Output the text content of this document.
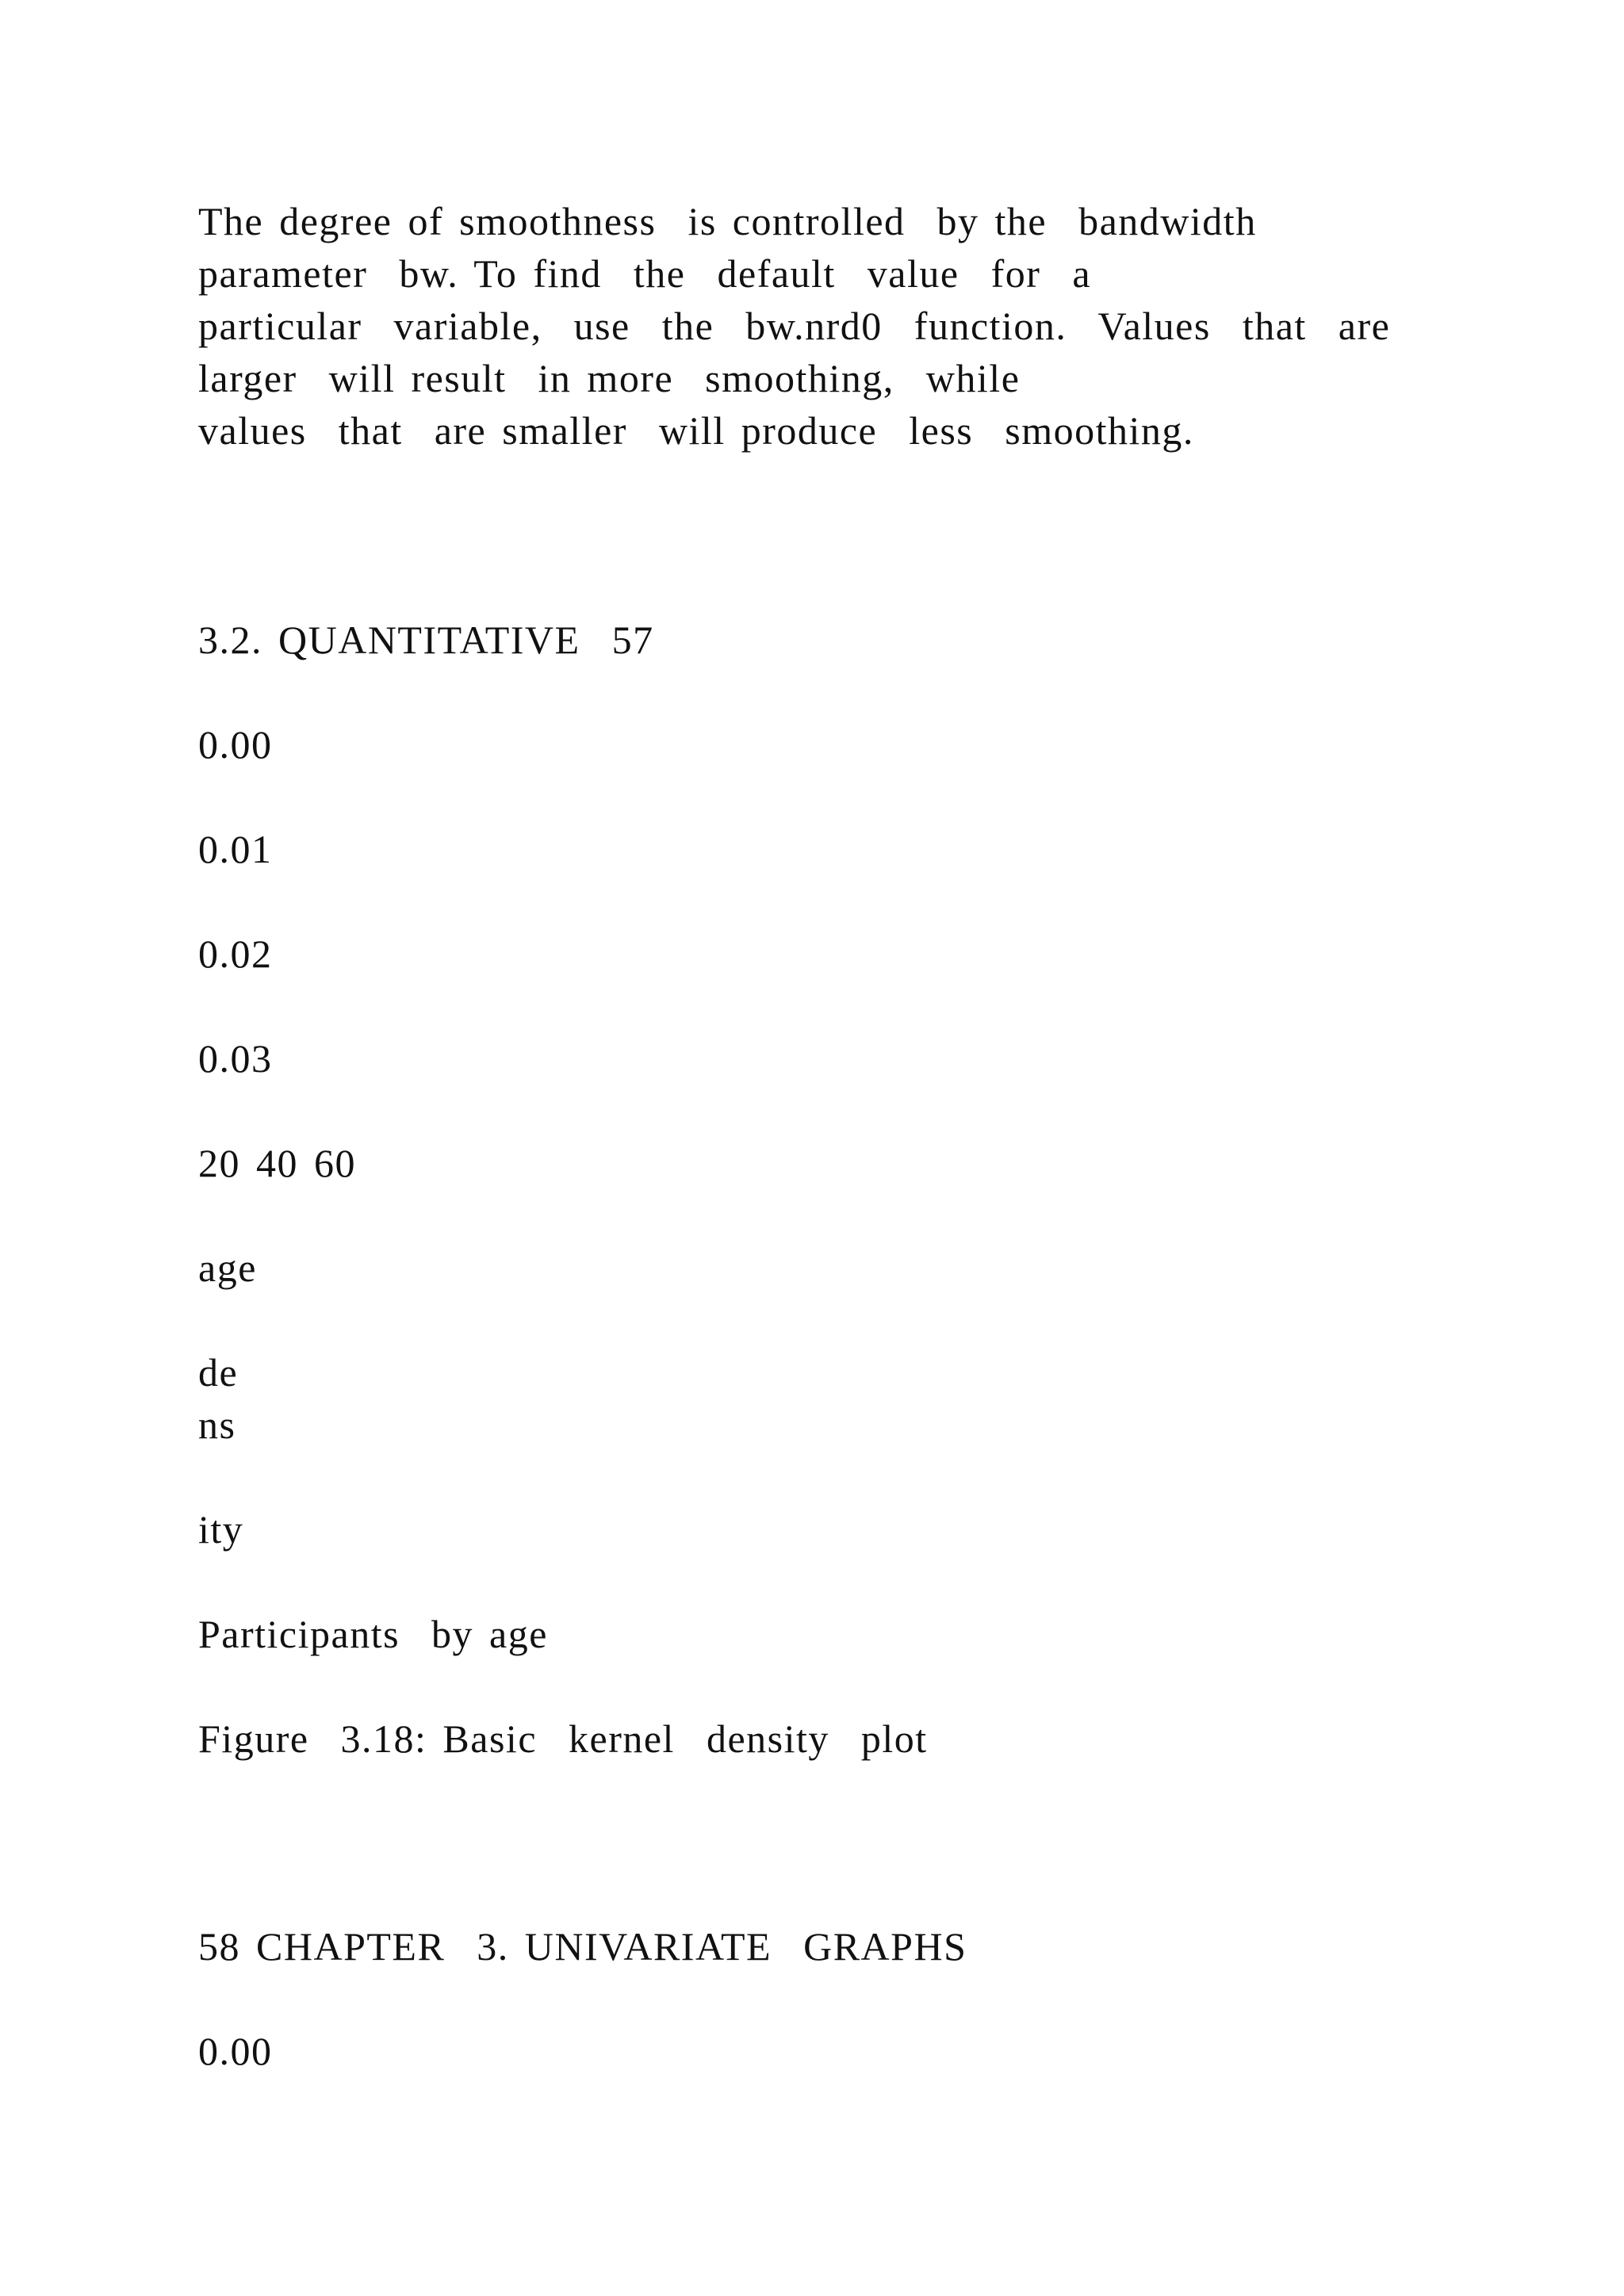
The degree of smoothness  is controlled  by the  bandwidth
parameter  bw. To find  the  default  value  for  a
particular  variable,  use  the  bw.nrd0  function.  Values  that  are
larger  will result  in more  smoothing,  while
values  that  are smaller  will produce  less  smoothing.
3.2. QUANTITATIVE  57
0.00
0.01
0.02
0.03
20 40 60
age
de
ns
ity
Participants  by age
Figure  3.18: Basic  kernel  density  plot
58 CHAPTER  3. UNIVARIATE  GRAPHS
0.00
